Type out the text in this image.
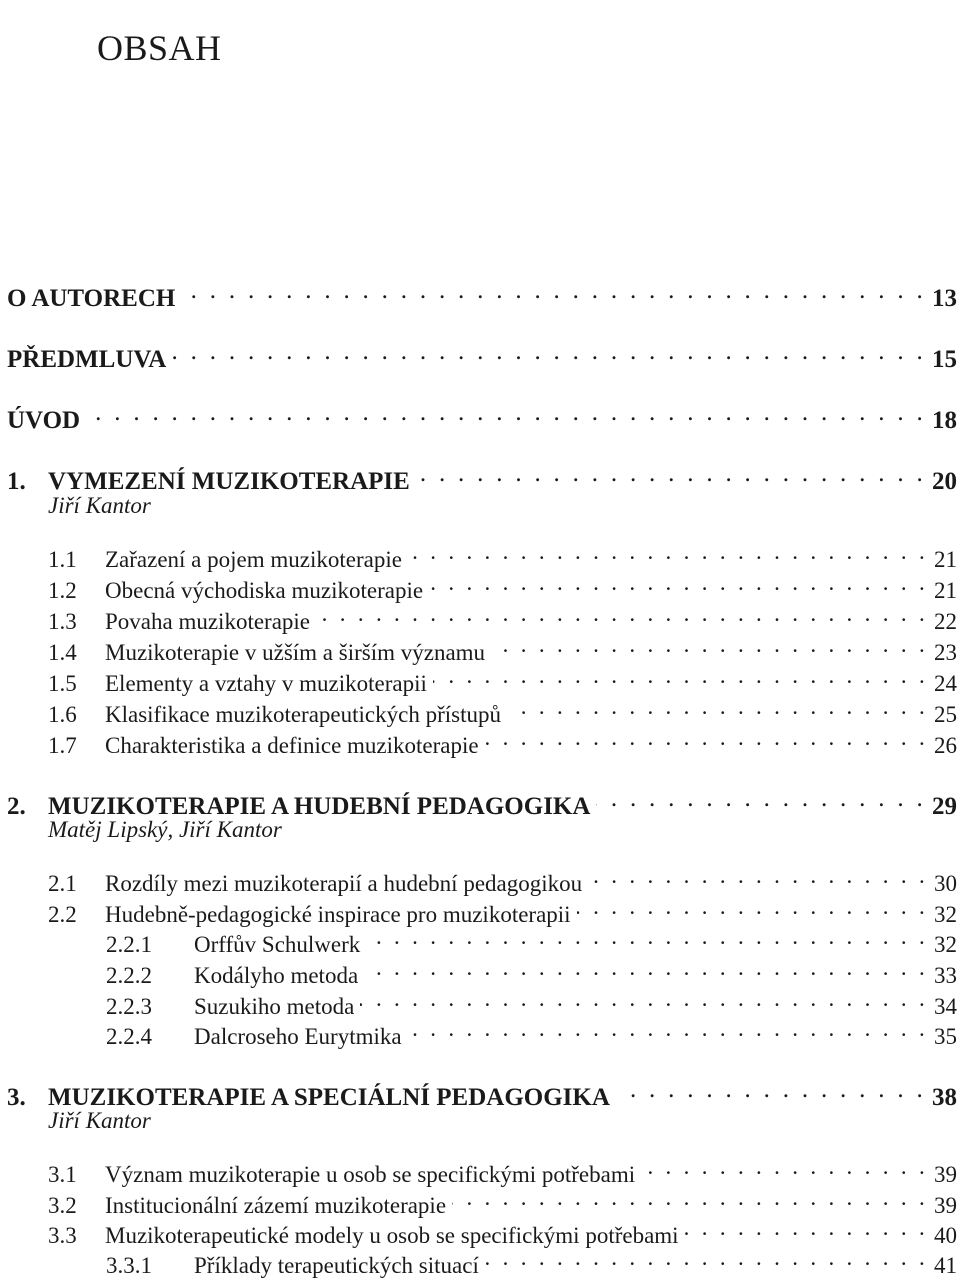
OBSAH
O AUTORECH . . .	13
PŘEDMLUVA . . .	15
ÚVOD . . .	18
1. VYMEZENÍ MUZIKOTERAPIE . . .	20
Jiří Kantor
1.1	Zařazení a pojem muzikoterapie . . .	21
1.2	Obecná východiska muzikoterapie . . .	21
1.3	Povaha muzikoterapie . . .	22
1.4	Muzikoterapie v užším a širším významu . . .	23
1.5	Elementy a vztahy v muzikoterapii . . .	24
1.6	Klasifikace muzikoterapeutických přístupů . . .	25
1.7	Charakteristika a definice muzikoterapie . . .	26
2. MUZIKOTERAPIE A HUDEBNÍ PEDAGOGIKA . . .	29
Matěj Lipský, Jiří Kantor
2.1	Rozdíly mezi muzikoterapií a hudební pedagogikou . . .	30
2.2	Hudebně-pedagogické inspirace pro muzikoterapii . . .	32
2.2.1	Orffův Schulwerk . . .	32
2.2.2	Kodályho metoda . . .	33
2.2.3	Suzukiho metoda . . .	34
2.2.4	Dalcroseho Eurytmika . . .	35
3. MUZIKOTERAPIE A SPECIÁLNÍ PEDAGOGIKA . . .	38
Jiří Kantor
3.1	Význam muzikoterapie u osob se specifickými potřebami . . .	39
3.2	Institucionální zázemí muzikoterapie . . .	39
3.3	Muzikoterapeutické modely u osob se specifickými potřebami . . .	40
3.3.1	Příklady terapeutických situací . . .	41
